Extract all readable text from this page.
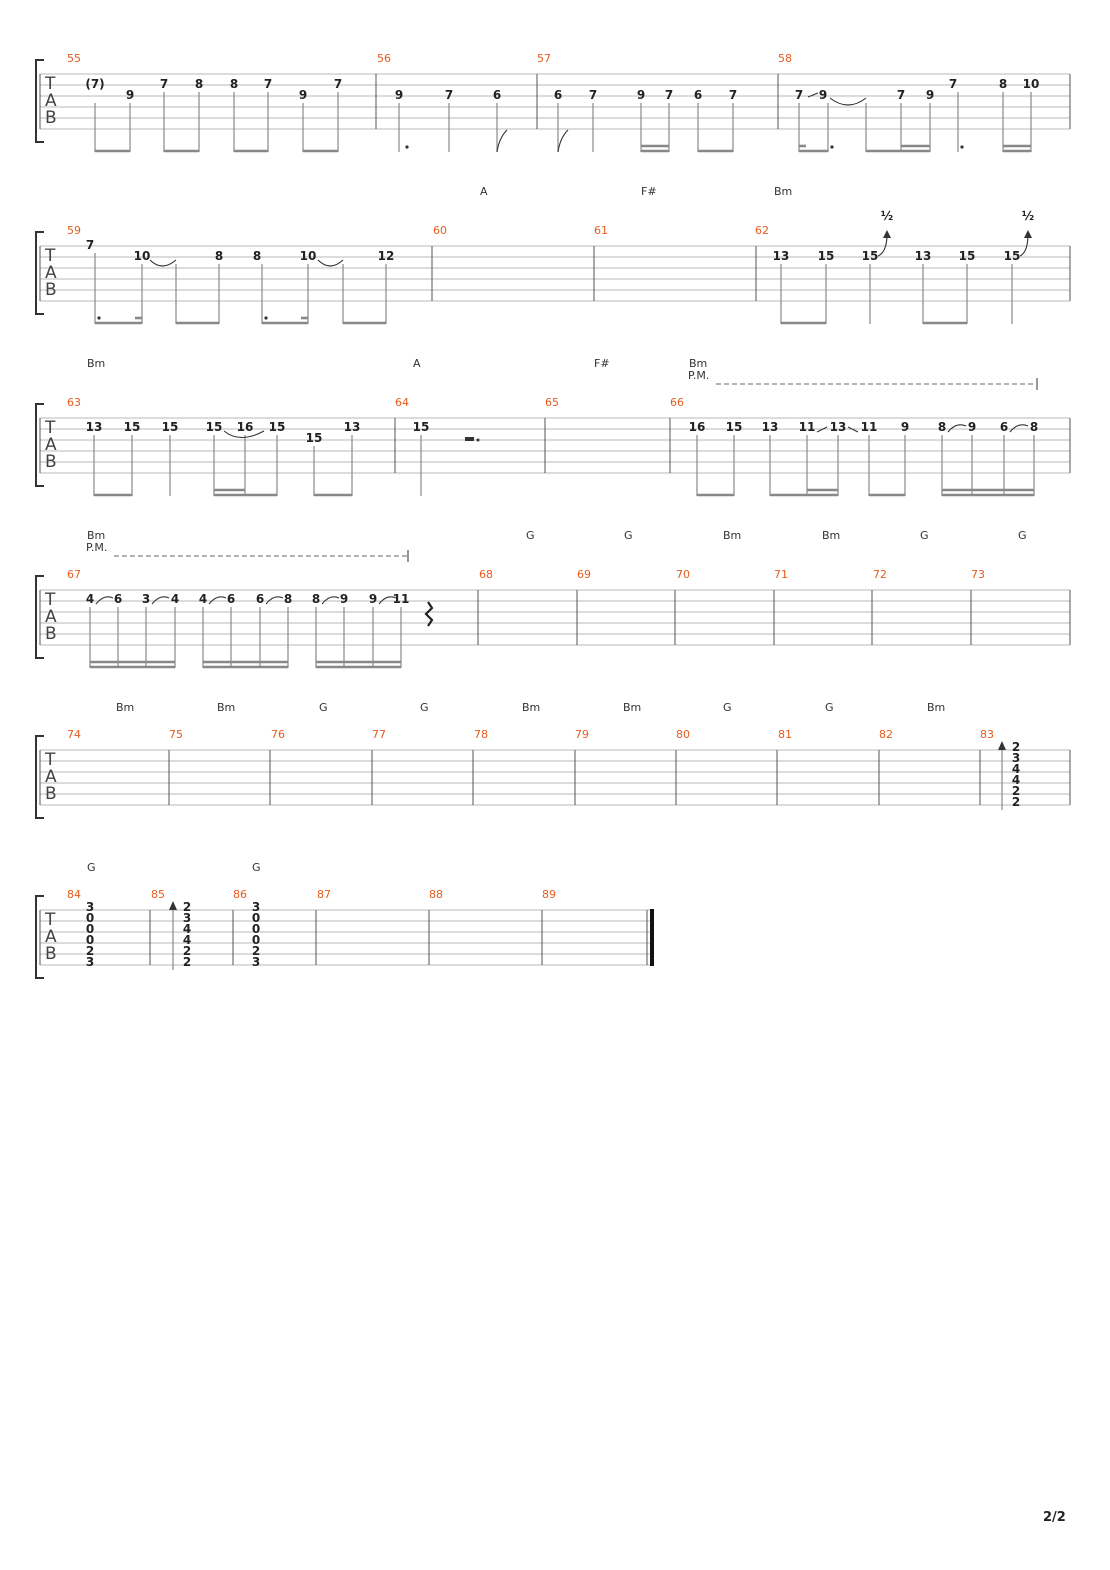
T
A
B
55	56	57	58
(7)
9
7 8 8 7
9
7
9	7	6	6 7	9 7 6 7	7 9	7 9
7	8 10
A	F#	Bm
T
A
B
59	60	61	62
7
10	8 8	10	12	13 15 15	13 15 15
½	½
Bm	A	F#	Bm
P.M.
T
A
B
63	64	65	66
13 15 15 15 16 15
15
13	15	16 15 13 11 13 11 9 8 9 6 8
Bm	G	G	Bm	Bm	G	G
P.M.
T
A
B
67	68	69	70	71	72	73
4 6 3 4 4 6 6 8 8 9 9 11
Bm	Bm	G	G	Bm	Bm	G	G	Bm
T
A
B
74	75	76	77	78	79	80	81	82	83
2
3
4
4
2
2
G	G
T
A
B
84	85	86	87	88	89
3
0
0
0
2
3
2
3
4
4
2
2
3
0
0
0
2
3
2/2
